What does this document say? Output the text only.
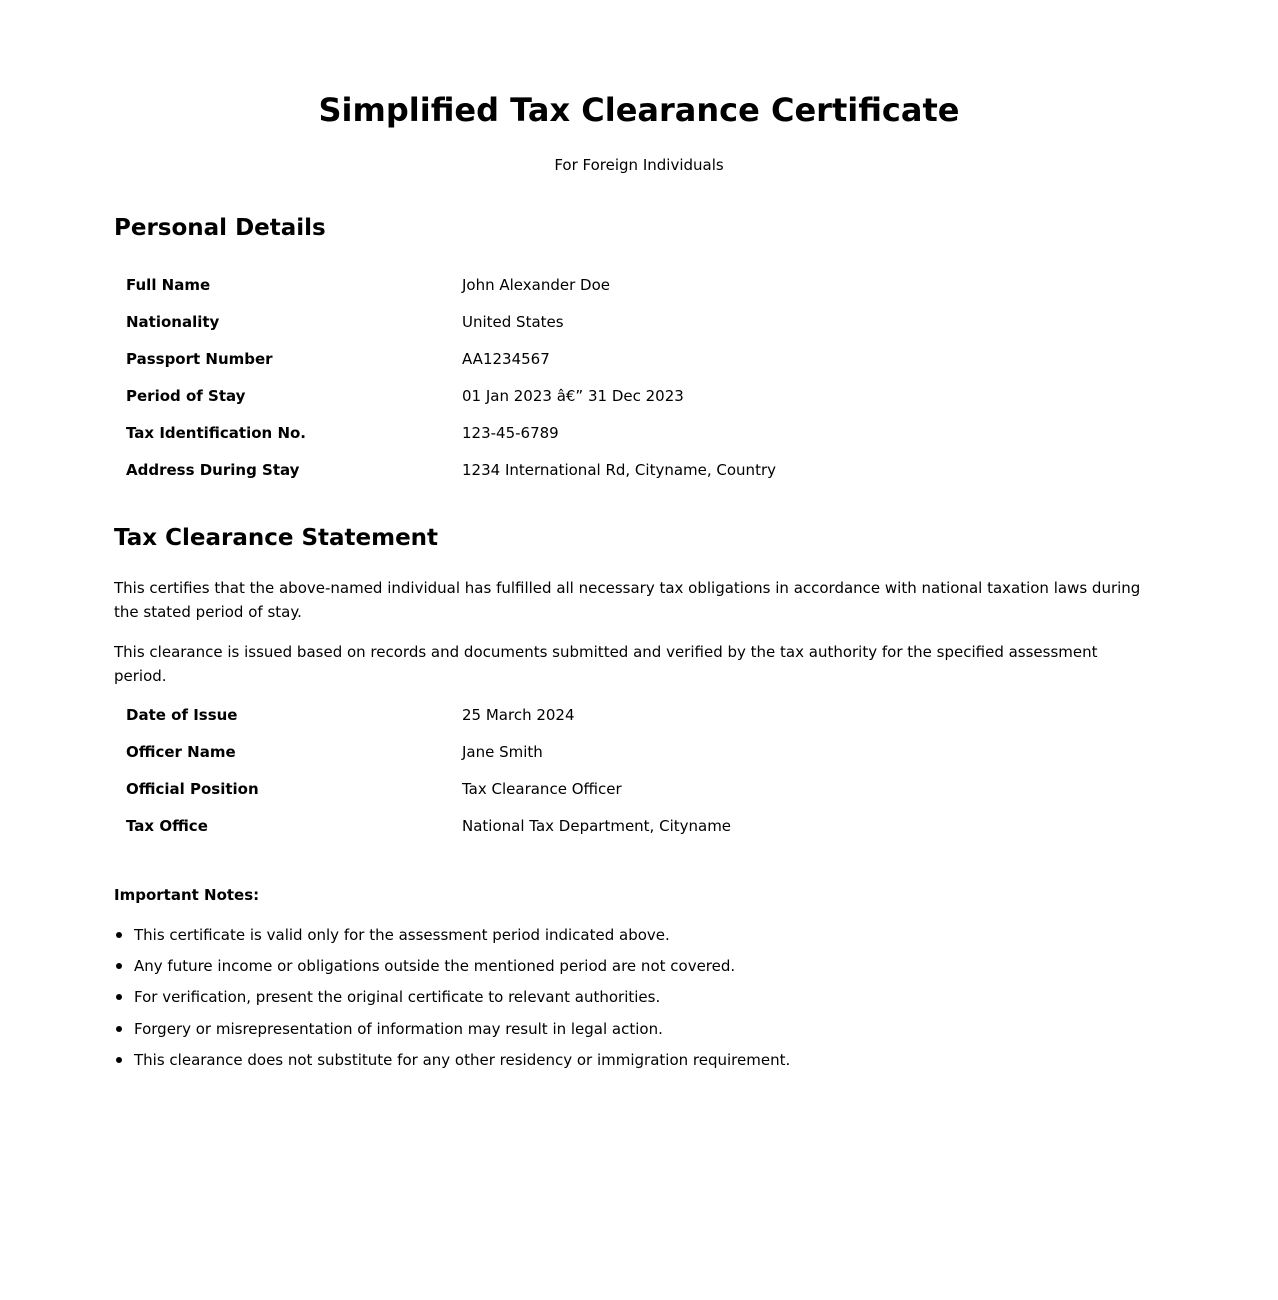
Simplified Tax Clearance Certificate

For Foreign Individuals

Personal Details
Full Name	John Alexander Doe
Nationality	United States
Passport Number	AA1234567
Period of Stay	01 Jan 2023 â€” 31 Dec 2023
Tax Identification No.	123-45-6789
Address During Stay	1234 International Rd, Cityname, Country
Tax Clearance Statement

This certifies that the above-named individual has fulfilled all necessary tax obligations in accordance with national taxation laws during the stated period of stay.

This clearance is issued based on records and documents submitted and verified by the tax authority for the specified assessment period.

Date of Issue	25 March 2024
Officer Name	Jane Smith
Official Position	Tax Clearance Officer
Tax Office	National Tax Department, Cityname

Important Notes:

This certificate is valid only for the assessment period indicated above.
Any future income or obligations outside the mentioned period are not covered.
For verification, present the original certificate to relevant authorities.
Forgery or misrepresentation of information may result in legal action.
This clearance does not substitute for any other residency or immigration requirement.
